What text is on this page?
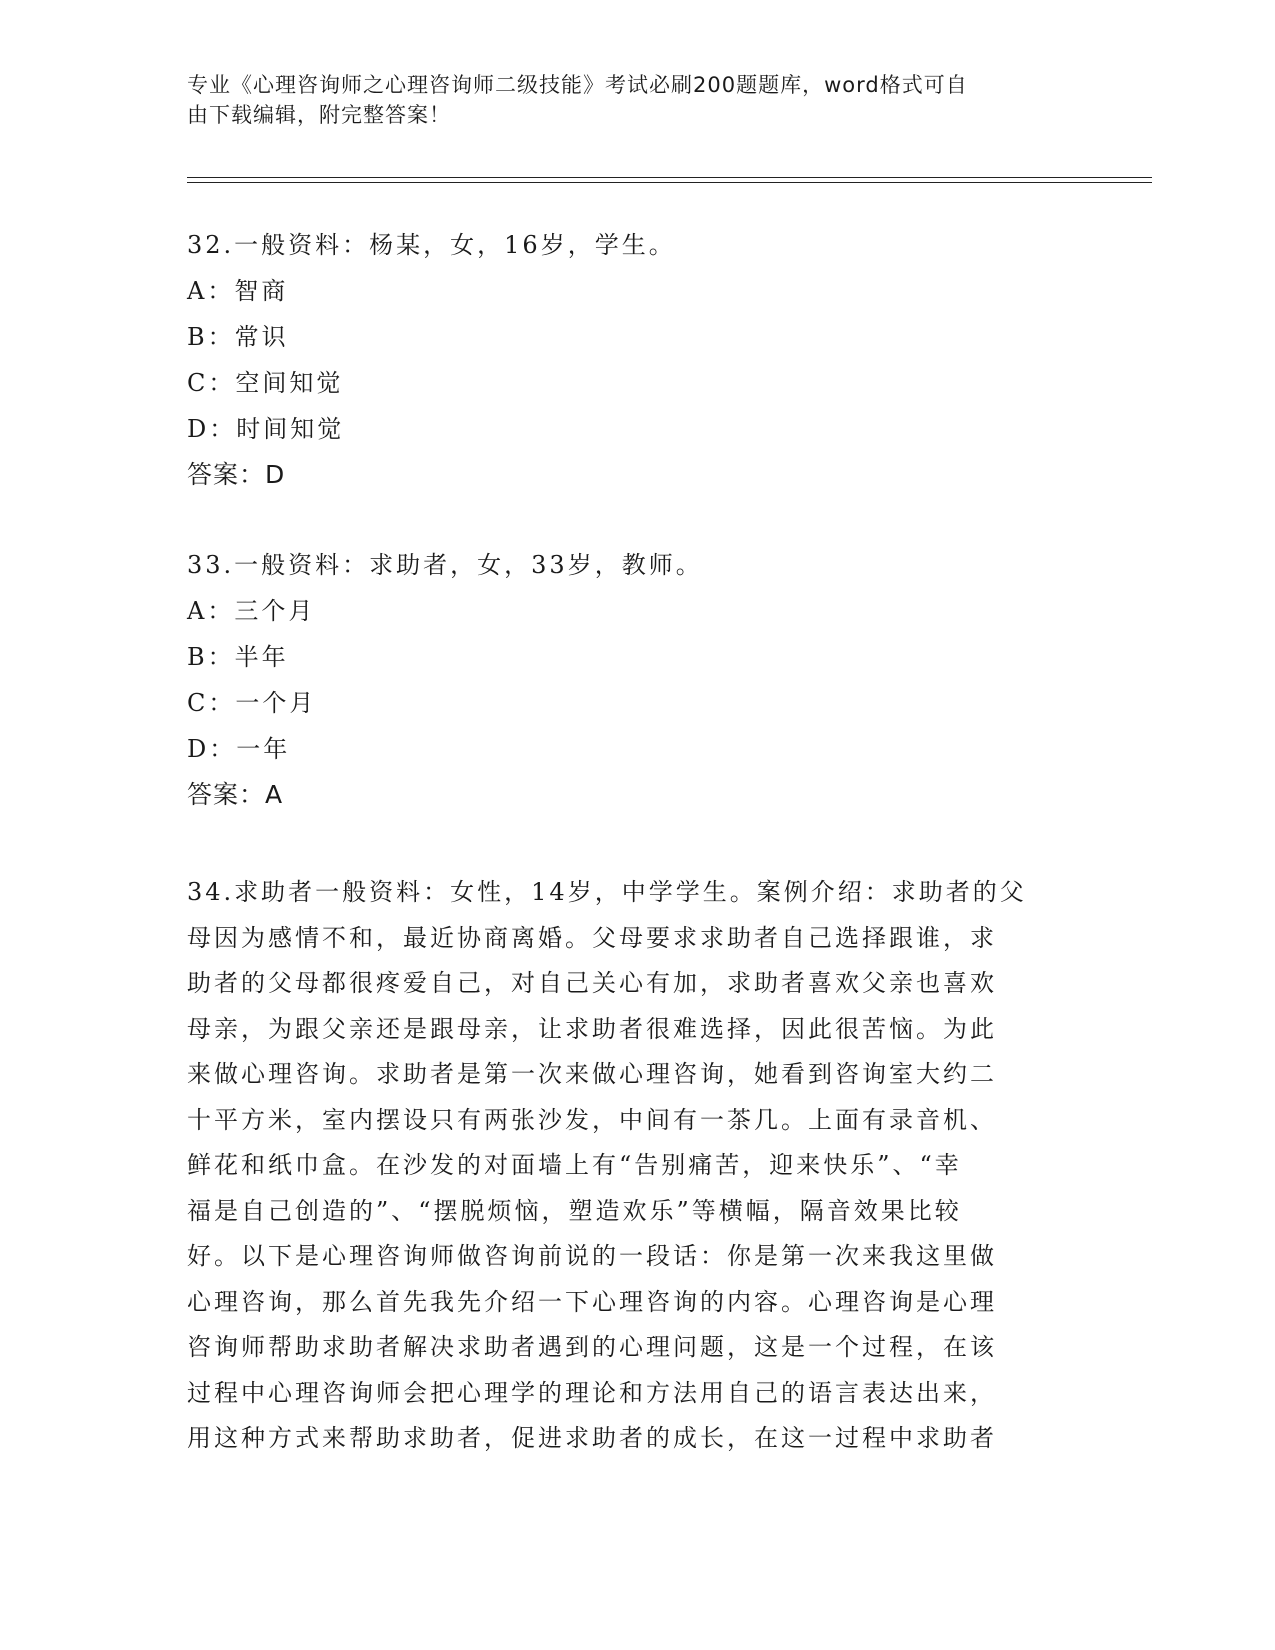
专业《心理咨询师之心理咨询师二级技能》考试必刷200题题库，word格式可自

由下载编辑，附完整答案！

32.一般资料：杨某，女，16岁，学生。
A：智商
B：常识
C：空间知觉
D：时间知觉
答案：D
33.一般资料：求助者，女，33岁，教师。
A：三个月
B：半年
C：一个月
D：一年
答案：A
34.求助者一般资料：女性，14岁，中学学生。案例介绍：求助者的父
母因为感情不和，最近协商离婚。父母要求求助者自己选择跟谁，求
助者的父母都很疼爱自己，对自己关心有加，求助者喜欢父亲也喜欢
母亲，为跟父亲还是跟母亲，让求助者很难选择，因此很苦恼。为此
来做心理咨询。求助者是第一次来做心理咨询，她看到咨询室大约二
十平方米，室内摆设只有两张沙发，中间有一茶几。上面有录音机、
鲜花和纸巾盒。在沙发的对面墙上有“告别痛苦，迎来快乐”、“幸
福是自己创造的”、“摆脱烦恼，塑造欢乐”等横幅，隔音效果比较
好。以下是心理咨询师做咨询前说的一段话：你是第一次来我这里做
心理咨询，那么首先我先介绍一下心理咨询的内容。心理咨询是心理
咨询师帮助求助者解决求助者遇到的心理问题，这是一个过程，在该
过程中心理咨询师会把心理学的理论和方法用自己的语言表达出来，
用这种方式来帮助求助者，促进求助者的成长，在这一过程中求助者
